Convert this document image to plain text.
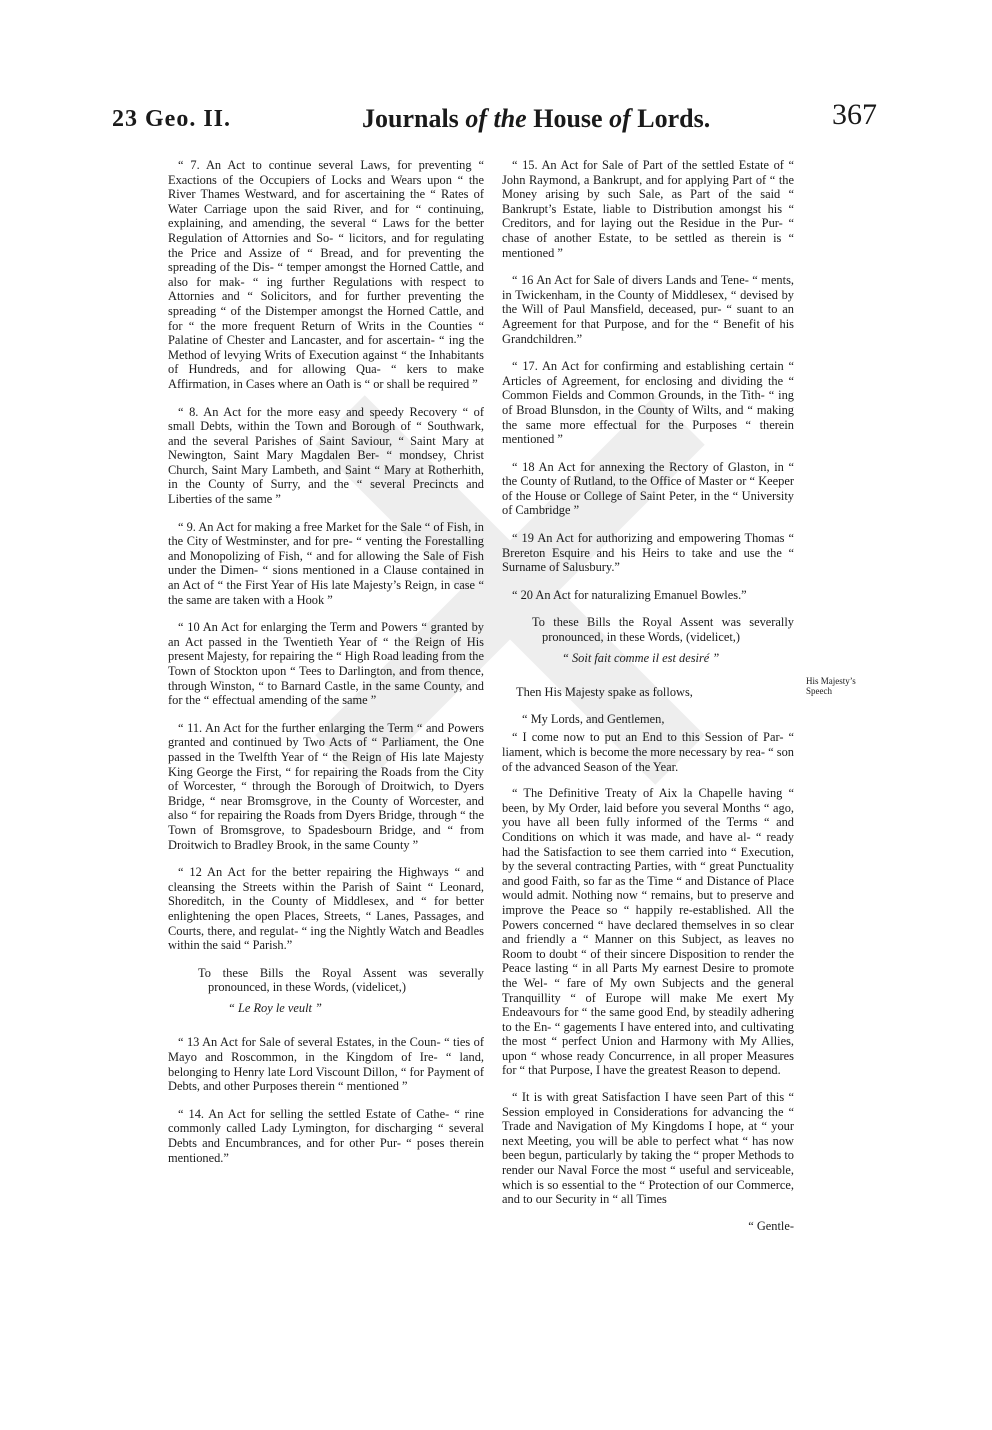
23 Geo. II.	Journals of the House of Lords.	367

“ 7. An Act to continue several Laws, for preventing “ Exactions of the Occupiers of Locks and Wears upon “ the River Thames Westward, and for ascertaining the “ Rates of Water Carriage upon the said River, and for “ continuing, explaining, and amending, the several “ Laws for the better Regulation of Attornies and So- “ licitors, and for regulating the Price and Assize of “ Bread, and for preventing the spreading of the Dis- “ temper amongst the Horned Cattle, and also for mak- “ ing further Regulations with respect to Attornies and “ Solicitors, and for further preventing the spreading “ of the Distemper amongst the Horned Cattle, and for “ the more frequent Return of Writs in the Counties “ Palatine of Chester and Lancaster, and for ascertain- “ ing the Method of levying Writs of Execution against “ the Inhabitants of Hundreds, and for allowing Qua- “ kers to make Affirmation, in Cases where an Oath is “ or shall be required ”

“ 8. An Act for the more easy and speedy Recovery “ of small Debts, within the Town and Borough of “ Southwark, and the several Parishes of Saint Saviour, “ Saint Mary at Newington, Saint Mary Magdalen Ber- “ mondsey, Christ Church, Saint Mary Lambeth, and Saint “ Mary at Rotherhith, in the County of Surry, and the “ several Precincts and Liberties of the same ”

“ 9. An Act for making a free Market for the Sale “ of Fish, in the City of Westminster, and for pre- “ venting the Forestalling and Monopolizing of Fish, “ and for allowing the Sale of Fish under the Dimen- “ sions mentioned in a Clause contained in an Act of “ the First Year of His late Majesty’s Reign, in case “ the same are taken with a Hook ”

“ 10 An Act for enlarging the Term and Powers “ granted by an Act passed in the Twentieth Year of “ the Reign of His present Majesty, for repairing the “ High Road leading from the Town of Stockton upon “ Tees to Darlington, and from thence, through Winston, “ to Barnard Castle, in the same County, and for the “ effectual amending of the same ”

“ 11. An Act for the further enlarging the Term “ and Powers granted and continued by Two Acts of “ Parliament, the One passed in the Twelfth Year of “ the Reign of His late Majesty King George the First, “ for repairing the Roads from the City of Worcester, “ through the Borough of Droitwich, to Dyers Bridge, “ near Bromsgrove, in the County of Worcester, and also “ for repairing the Roads from Dyers Bridge, through “ the Town of Bromsgrove, to Spadesbourn Bridge, and “ from Droitwich to Bradley Brook, in the same County ”

“ 12 An Act for the better repairing the Highways “ and cleansing the Streets within the Parish of Saint “ Leonard, Shoreditch, in the County of Middlesex, and “ for better enlightening the open Places, Streets, “ Lanes, Passages, and Courts, there, and regulat- “ ing the Nightly Watch and Beadles within the said “ Parish.”

To these Bills the Royal Assent was severally pronounced, in these Words, (videlicet,)

“ Le Roy le veult ”

“ 13 An Act for Sale of several Estates, in the Coun- “ ties of Mayo and Roscommon, in the Kingdom of Ire- “ land, belonging to Henry late Lord Viscount Dillon, “ for Payment of Debts, and other Purposes therein “ mentioned ”

“ 14. An Act for selling the settled Estate of Cathe- “ rine commonly called Lady Lymington, for discharging “ several Debts and Encumbrances, and for other Pur- “ poses therein mentioned.”

“ 15. An Act for Sale of Part of the settled Estate of “ John Raymond, a Bankrupt, and for applying Part of “ the Money arising by such Sale, as Part of the said “ Bankrupt’s Estate, liable to Distribution amongst his “ Creditors, and for laying out the Residue in the Pur- “ chase of another Estate, to be settled as therein is “ mentioned ”

“ 16 An Act for Sale of divers Lands and Tene- “ ments, in Twickenham, in the County of Middlesex, “ devised by the Will of Paul Mansfield, deceased, pur- “ suant to an Agreement for that Purpose, and for the “ Benefit of his Grandchildren.”

“ 17. An Act for confirming and establishing certain “ Articles of Agreement, for enclosing and dividing the “ Common Fields and Common Grounds, in the Tith- “ ing of Broad Blunsdon, in the County of Wilts, and “ making the same more effectual for the Purposes “ therein mentioned ”

“ 18 An Act for annexing the Rectory of Glaston, in “ the County of Rutland, to the Office of Master or “ Keeper of the House or College of Saint Peter, in the “ University of Cambridge ”

“ 19 An Act for authorizing and empowering Thomas “ Brereton Esquire and his Heirs to take and use the “ Surname of Salusbury.”

“ 20 An Act for naturalizing Emanuel Bowles.”

To these Bills the Royal Assent was severally pronounced, in these Words, (videlicet,)

“ Soit fait comme il est desiré ”

Then His Majesty spake as follows,

“ My Lords, and Gentlemen,

“ I come now to put an End to this Session of Par- “ liament, which is become the more necessary by rea- “ son of the advanced Season of the Year.

“ The Definitive Treaty of Aix la Chapelle having “ been, by My Order, laid before you several Months “ ago, you have all been fully informed of the Terms “ and Conditions on which it was made, and have al- “ ready had the Satisfaction to see them carried into “ Execution, by the several contracting Parties, with “ great Punctuality and good Faith, so far as the Time “ and Distance of Place would admit. Nothing now “ remains, but to preserve and improve the Peace so “ happily re-established. All the Powers concerned “ have declared themselves in so clear and friendly a “ Manner on this Subject, as leaves no Room to doubt “ of their sincere Disposition to render the Peace lasting “ in all Parts My earnest Desire to promote the Wel- “ fare of My own Subjects and the general Tranquillity “ of Europe will make Me exert My Endeavours for “ the same good End, by steadily adhering to the En- “ gagements I have entered into, and cultivating the most “ perfect Union and Harmony with My Allies, upon “ whose ready Concurrence, in all proper Measures for “ that Purpose, I have the greatest Reason to depend.

“ It is with great Satisfaction I have seen Part of this “ Session employed in Considerations for advancing the “ Trade and Navigation of My Kingdoms I hope, at “ your next Meeting, you will be able to perfect what “ has now been begun, particularly by taking the “ proper Methods to render our Naval Force the most “ useful and serviceable, which is so essential to the “ Protection of our Commerce, and to our Security in “ all Times

“ Gentle-

His Majesty’s Speech
